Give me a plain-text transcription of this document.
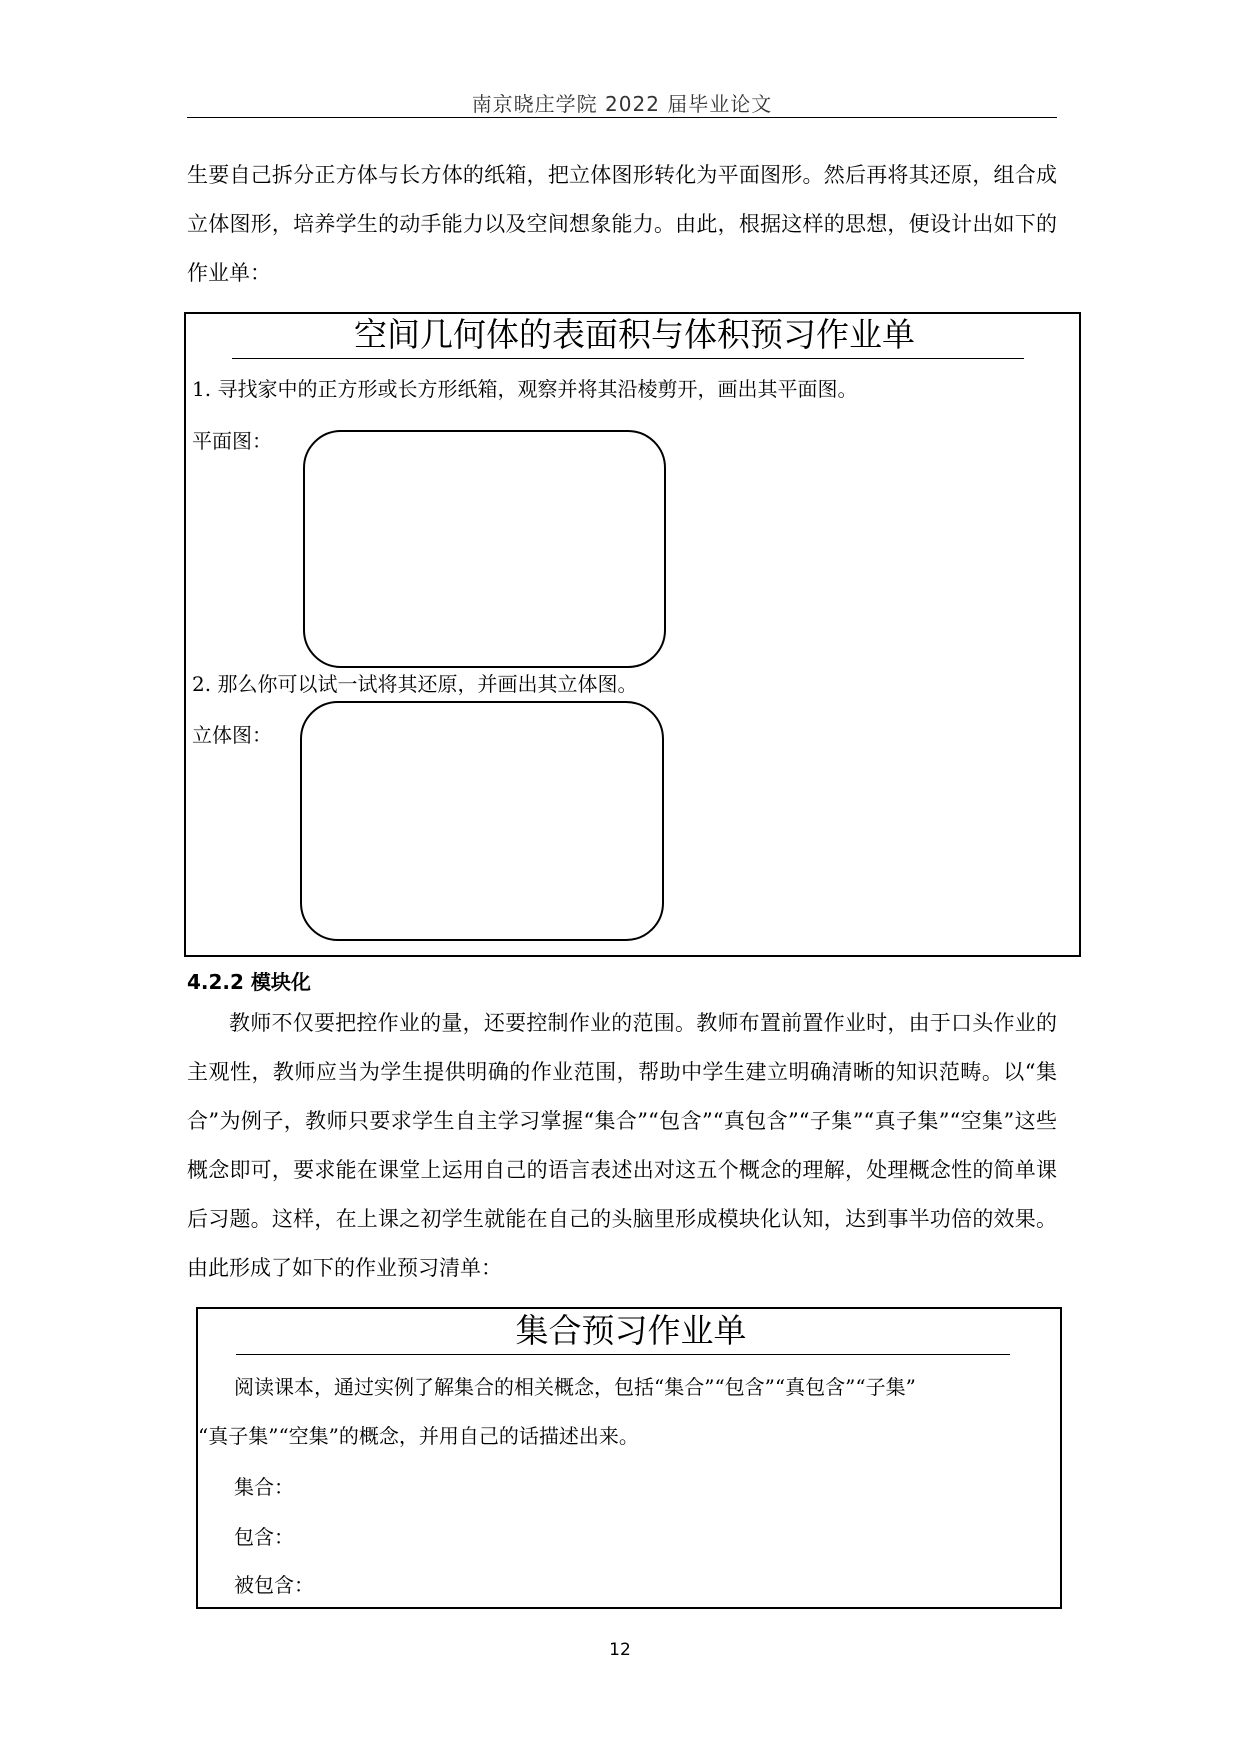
南京晓庄学院 2022 届毕业论文
生要自己拆分正方体与长方体的纸箱，把立体图形转化为平面图形。然后再将其还原，组合成立体图形，培养学生的动手能力以及空间想象能力。由此，根据这样的思想，便设计出如下的作业单：
空间几何体的表面积与体积预习作业单
1. 寻找家中的正方形或长方形纸箱，观察并将其沿棱剪开，画出其平面图。
平面图：
2. 那么你可以试一试将其还原，并画出其立体图。
立体图：
4.2.2 模块化
教师不仅要把控作业的量，还要控制作业的范围。教师布置前置作业时，由于口头作业的主观性，教师应当为学生提供明确的作业范围，帮助中学生建立明确清晰的知识范畴。以“集合”为例子，教师只要求学生自主学习掌握“集合”“包含”“真包含”“子集”“真子集”“空集”这些概念即可，要求能在课堂上运用自己的语言表述出对这五个概念的理解，处理概念性的简单课后习题。这样，在上课之初学生就能在自己的头脑里形成模块化认知，达到事半功倍的效果。由此形成了如下的作业预习清单：
集合预习作业单
阅读课本，通过实例了解集合的相关概念，包括“集合”“包含”“真包含”“子集”
“真子集”“空集”的概念，并用自己的话描述出来。
集合：
包含：
被包含：
12
